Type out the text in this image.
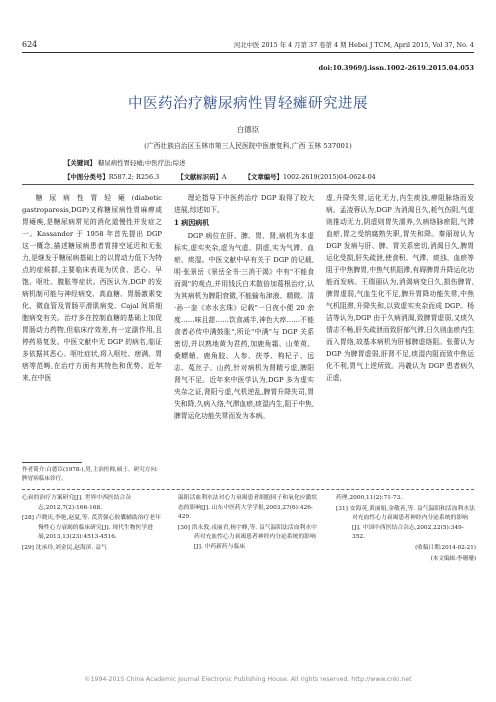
624	河北中医 2015 年 4 月第 37 卷第 4 期 Hebei J TCM, April 2015, Vol 37, No. 4
doi:10.3969/j.issn.1002-2619.2015.04.053
中医药治疗糖尿病性胃轻瘫研究进展
白德臣
(广西壮族自治区玉林市第三人民医院中医康复科,广西 玉林 537001)
【关键词】 糖尿病性胃轻瘫;中医疗法;综述
【中图分类号】R587.2; R256.3	【文献标识码】A	【文章编号】1002-2619(2015)04-0624-04

糖尿病性胃轻瘫(diabetic gastroparesis,DGP)又称糖尿病性胃麻痹或胃瘫痪,是糖尿病常见的消化道慢性并发症之一。Kassander 于 1958 年首先提出 DGP 这一概念,描述糖尿病患者胃排空延迟和无张力,是继发于糖尿病基础上的以胃动力低下为特点的症候群,主要临床表现为厌食、恶心、早饱、呕吐、腹胀等症状。西医认为,DGP 的发病机制可能与神经病变、高血糖、胃肠激素变化、微血管及胃肠平滑肌病变、Cajal 间质细胞病变有关。治疗多在控制血糖的基础上加促胃肠动力药物,但临床疗效差,有一定副作用,且停药易复发。中医文献中无 DGP 的病名,临证多依据其恶心、呕吐症状,将入呕吐、痞满、胃痞等范畴,在治疗方面有其特色和优势。近年来,在中医

作者简介:白德臣(1978-),男,主治医师,硕士。研究方向:脾胃病临床诊疗。

理论指导下中医药治疗 DGP 取得了较大进展,综述如下。

1 病因病机

DGP 病位在肝、脾、胃、肾,病机为本虚标实,虚实夹杂,虚为气虚、阴虚,实为气滞、血瘀、痰湿。中医文献中早有关于 DGP 的记载,明·张景岳《景岳全书·三消干渴》中有"不能食而渴"的观点,并用钱氏白术散倍加葛根治疗,认为其病机为脾阳衰微,不能输布津液、精微。清·孙一奎《赤水玄珠》记载"一日夜小便 20 余度……味且甜……饮食减半,神色大瘁……不能食者必传中满鼓胀",所论"中满"与 DGP 关系密切,并以熟地黄为君药,加鹿角霜、山茱萸、桑螵蛸、鹿角胶、人参、茯苓、枸杞子、远志、菟丝子、山药,针对病机为肾精亏虚,脾阳肾气不足。近年来中医学认为,DGP 多为虚实夹杂之证,肾阳亏虚,气机逆乱,脾胃升降失司,胃失和降,久病入络,气滞血瘀,痰湿内生,阻于中焦,脾胃运化功能失常而发为本病。

虚,升降失常,运化无力,内生痰浊,痹阻脉络而发病。孟凌蓉认为,DGP 为消渴日久,耗气伤阴,气虚则推动无力,阴虚则胃失濡养,久病络脉瘀阻,气滞血瘀,胃之受纳腐熟失职,胃失和降。秦丽琼认为 DGP 发病与肝、脾、胃关系密切,消渴日久,脾胃运化受损,肝失疏泄,使食积、气滞、痰浊、血瘀等阻于中焦脾胃,中焦气机阻滞,有碍脾胃升降运化功能而发病。王瑞丽认为,消渴病变日久,损伤脾胃,脾胃虚弱,气血生化不足,脾升胃降功能失常,中焦气机阻滞,升降失和,以致虚实夹杂而成 DGP。杨洁等认为,DGP 由于久病消渴,致脾胃虚弱,又痰久情志不畅,肝失疏泄而致肝郁气滞,日久则血瘀内生而入胃络,故基本病机为肝郁脾虚络阻。张蕾认为 DGP 为脾胃虚弱,肝肾不足,痰湿内阻而致中焦运化不利,胃气上逆所致。冯羲认为 DGP 患者病久正虚,

心衰的治疗方案研究[J]. 世界中西医结合杂志,2012,7(2):166-168.
[28] 卢晓庆,李艳,赵夏,等. 芪苈强心胶囊辅助治疗老年慢性心力衰竭的临床研究[J]. 现代生物医学进展,2013,13(23):4513-4516.
[29] 沈承玲,刘金民,赵海滨. 益气
温阳活血利水法对心力衰竭患者细胞因子和氧化应激状态的影响[J]. 山东中医药大学学报,2003,27(6):426-429.
[30] 洪永敦,戎丽君,杨宇峰,等. 益气温阳法活血利水中药对充血性心力衰竭患者神经内分泌系统的影响[J]. 中药新药与临床
药理,2000,11(2):71-73.
[31] 安海英,黄丽娟,金敬善,等. 益气温阳和活血利水法对充血性心力衰竭患者神经内分泌系统的影响[J]. 中国中西医结合杂志,2002,22(5):349-352.
(收稿日期:2014-02-21)
(本文编辑:李珊珊)
©1994-2015 China Academic Journal Electronic Publishing House. All rights reserved. http://www.cnki.net
